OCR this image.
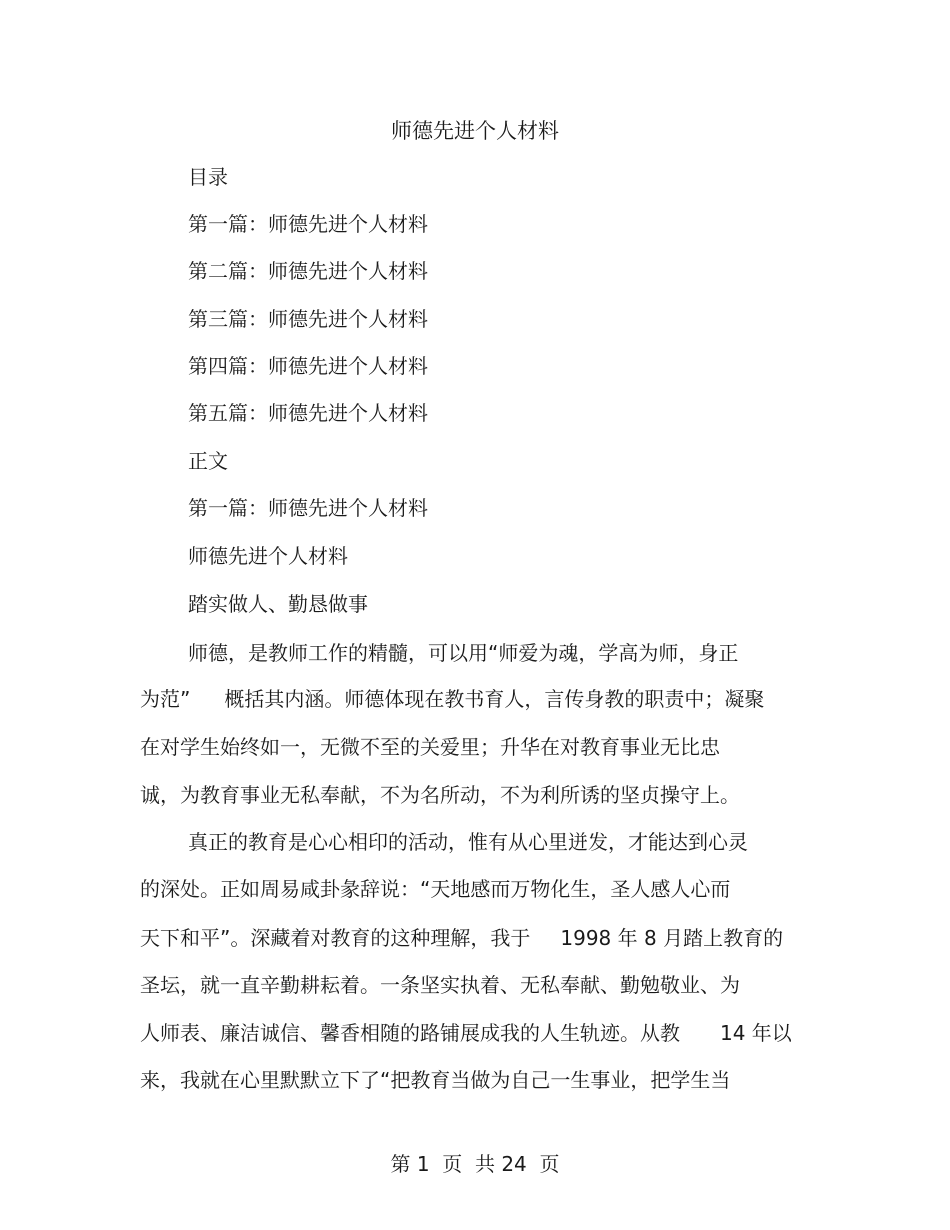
师德先进个人材料
目录
第一篇：师德先进个人材料
第二篇：师德先进个人材料
第三篇：师德先进个人材料
第四篇：师德先进个人材料
第五篇：师德先进个人材料
正文
第一篇：师德先进个人材料
师德先进个人材料
踏实做人、勤恳做事
师德，是教师工作的精髓，可以用“师爱为魂，学高为师，身正
为范” 概括其内涵。师德体现在教书育人，言传身教的职责中；凝聚
在对学生始终如一，无微不至的关爱里；升华在对教育事业无比忠
诚，为教育事业无私奉献，不为名所动，不为利所诱的坚贞操守上。
真正的教育是心心相印的活动，惟有从心里迸发，才能达到心灵
的深处。正如周易咸卦彖辞说：“天地感而万物化生，圣人感人心而
天下和平”。深藏着对教育的这种理解，我于 1998 年 8 月踏上教育的
圣坛，就一直辛勤耕耘着。一条坚实执着、无私奉献、勤勉敬业、为
人师表、廉洁诚信、馨香相随的路铺展成我的人生轨迹。从教 14 年以
来，我就在心里默默立下了“把教育当做为自己一生事业，把学生当
第 1  页  共 24  页
